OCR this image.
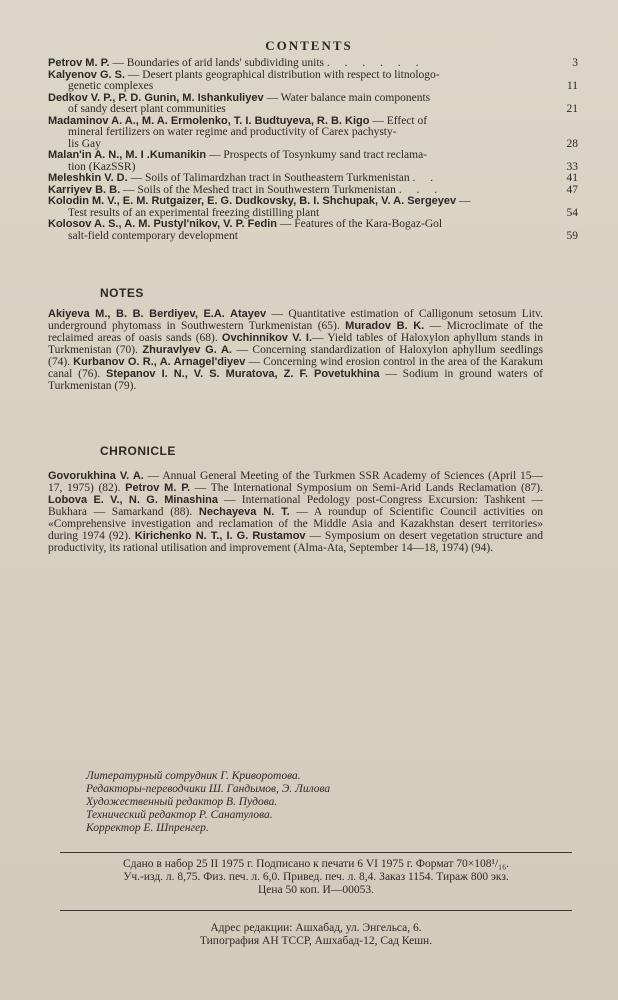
CONTENTS
Petrov M. P. — Boundaries of arid lands' subdividing units . . . . . .	3
Kalyenov G. S. — Desert plants geographical distribution with respect to litnologo-
genetic complexes	11
Dedkov V. P., P. D. Gunin, M. Ishankuliyev — Water balance main components
of sandy desert plant communities	21
Madaminov A. A., M. A. Ermolenko, T. I. Budtuyeva, R. B. Kigo — Effect of
mineral fertilizers on water regime and productivity of Carex pachysty-
lis Gay	28
Malan'in A. N., M. I .Kumanikin — Prospects of Tosynkumy sand tract reclama-
tion (KazSSR)	33
Meleshkin V. D. — Soils of Talimardzhan tract in Southeastern Turkmenistan . .	41
Karriyev B. B. — Soils of the Meshed tract in Southwestern Turkmenistan . . .	47
Kolodin M. V., E. M. Rutgaizer, E. G. Dudkovsky, B. I. Shchupak, V. A. Sergeyev —
Test results of an experimental freezing distilling plant	54
Kolosov A. S., A. M. Pustyl'nikov, V. P. Fedin — Features of the Kara-Bogaz-Gol
salt-field contemporary development	59
NOTES
Akiyeva M., B. B. Berdiyev, E.A. Atayev — Quantitative estimation of Calligonum setosum Litv. underground phytomass in Southwestern Turkmenistan (65). Muradov B. K. — Microclimate of the reclaimed areas of oasis sands (68). Ovchinnikov V. I.— Yield tables of Haloxylon aphyllum stands in Turkmenistan (70). Zhuravlyev G. A. — Concerning standardization of Haloxylon aphyllum seedlings (74). Kurbanov O. R., A. Arnagel'diyev — Concerning wind erosion control in the area of the Karakum canal (76). Stepanov I. N., V. S. Muratova, Z. F. Povetukhina — Sodium in ground waters of Turkmenistan (79).
CHRONICLE
Govorukhina V. A. — Annual General Meeting of the Turkmen SSR Academy of Sciences (April 15—17, 1975) (82). Petrov M. P. — The International Symposium on Semi-Arid Lands Reclamation (87). Lobova E. V., N. G. Minashina — International Pedology post-Congress Excursion: Tashkent — Bukhara — Samarkand (88). Nechayeva N. T. — A roundup of Scientific Council activities on «Comprehensive investigation and reclamation of the Middle Asia and Kazakhstan desert territories» during 1974 (92). Kirichenko N. T., I. G. Rustamov — Symposium on desert vegetation structure and productivity, its rational utilisation and improvement (Alma-Ata, September 14—18, 1974) (94).
Литературный сотрудник Г. Криворотова.
Редакторы-переводчики Ш. Гандымов, Э. Лилова
Художественный редактор В. Пудова.
Технический редактор Р. Санатулова.
Корректор Е. Шпренгер.
Сдано в набор 25 II 1975 г. Подписано к печати 6 VI 1975 г. Формат 70×108¹/₁₆.
Уч.-изд. л. 8,75. Физ. печ. л. 6,0. Привед. печ. л. 8,4. Заказ 1154. Тираж 800 экз.
Цена 50 коп. И—00053.
Адрес редакции: Ашхабад, ул. Энгельса, 6.
Типография АН ТССР, Ашхабад-12, Сад Кешн.
